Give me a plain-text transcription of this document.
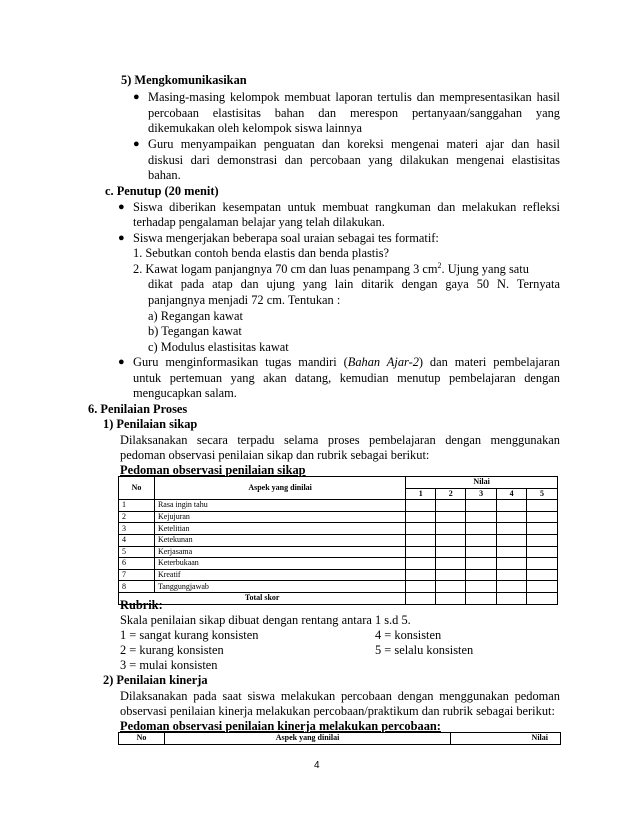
5) Mengkomunikasikan
● Masing-masing kelompok membuat laporan tertulis dan mempresentasikan hasil
percobaan elastisitas bahan dan merespon pertanyaan/sanggahan yang
dikemukakan oleh kelompok siswa lainnya
● Guru menyampaikan penguatan dan koreksi mengenai materi ajar dan hasil
diskusi dari demonstrasi dan percobaan yang dilakukan mengenai elastisitas
bahan.
c. Penutup (20 menit)
● Siswa diberikan kesempatan untuk membuat rangkuman dan melakukan refleksi
terhadap pengalaman belajar yang telah dilakukan.
● Siswa mengerjakan beberapa soal uraian sebagai tes formatif:
1. Sebutkan contoh benda elastis dan benda plastis?
2. Kawat logam panjangnya 70 cm dan luas penampang 3 $cm^2$. Ujung yang satu
dikat pada atap dan ujung yang lain ditarik dengan gaya 50 N. Ternyata
panjangnya menjadi 72 cm. Tentukan :
a) Regangan kawat
b) Tegangan kawat
c) Modulus elastisitas kawat
● Guru menginformasikan tugas mandiri (Bahan Ajar-2) dan materi pembelajaran
untuk pertemuan yang akan datang, kemudian menutup pembelajaran dengan
mengucapkan salam.
6. Penilaian Proses
1) Penilaian sikap
Dilaksanakan secara terpadu selama proses pembelajaran dengan menggunakan
pedoman observasi penilaian sikap dan rubrik sebagai berikut:
Pedoman observasi penilaian sikap
No	Aspek yang dinilai	Nilai				
		1	2	3	4	5
1	Rasa ingin tahu					
2	Kejujuran					
3	Ketelitian					
4	Ketekunan					
5	Kerjasama					
6	Keterbukaan					
7	Kreatif					
8	Tanggungjawab					
Total skor						
Rubrik:
Skala penilaian sikap dibuat dengan rentang antara 1 s.d 5.
1 = sangat kurang konsisten	4 = konsisten
2 = kurang konsisten	5 = selalu konsisten
3 = mulai konsisten
2) Penilaian kinerja
Dilaksanakan pada saat siswa melakukan percobaan dengan menggunakan pedoman
observasi penilaian kinerja melakukan percobaan/praktikum dan rubrik sebagai berikut:
Pedoman observasi penilaian kinerja melakukan percobaan:
No	Aspek yang dinilai	Nilai
4
